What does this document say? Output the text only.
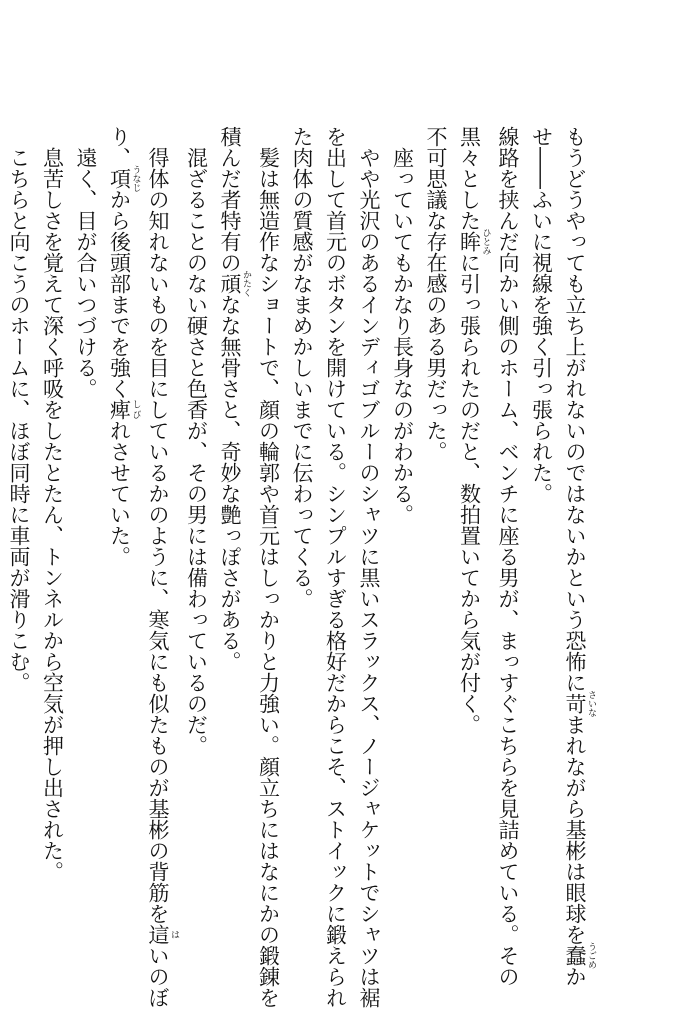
もうどうやっても立ち上がれないのではないかという恐怖に苛 さいなまれながら基彬は眼球を蠢 うごめか
せ――ふいに視線を強く引っ張られた。
線路を挟んだ向かい側のホーム、ベンチに座る男が、まっすぐこちらを見詰めている。その
黒々とした眸 ひとみに引っ張られたのだと、数拍置いてから気が付く。
不可思議な存在感のある男だった。
　座っていてもかなり長身なのがわかる。
　やや光沢のあるインディゴブルーのシャツに黒いスラックス、ノージャケットでシャツは裾
を出して首元のボタンを開けている。シンプルすぎる格好だからこそ、ストイックに鍛えられ
た肉体の質感がなまめかしいまでに伝わってくる。
　髪は無造作なショートで、顔の輪郭や首元はしっかりと力強い。顔立ちにはなにかの鍛錬を
積んだ者特有の頑 かたくなな無骨さと、奇妙な艶っぽさがある。
　混ざることのない硬さと色香が、その男には備わっているのだ。
　得体の知れないものを目にしているかのように、寒気にも似たものが基彬の背筋を這 はいのぼ
り、項 うなじから後頭部までを強く痺 しびれさせていた。
　遠く、目が合いつづける。
　息苦しさを覚えて深く呼吸をしたとたん、トンネルから空気が押し出された。
　こちらと向こうのホームに、ほぼ同時に車両が滑りこむ。
